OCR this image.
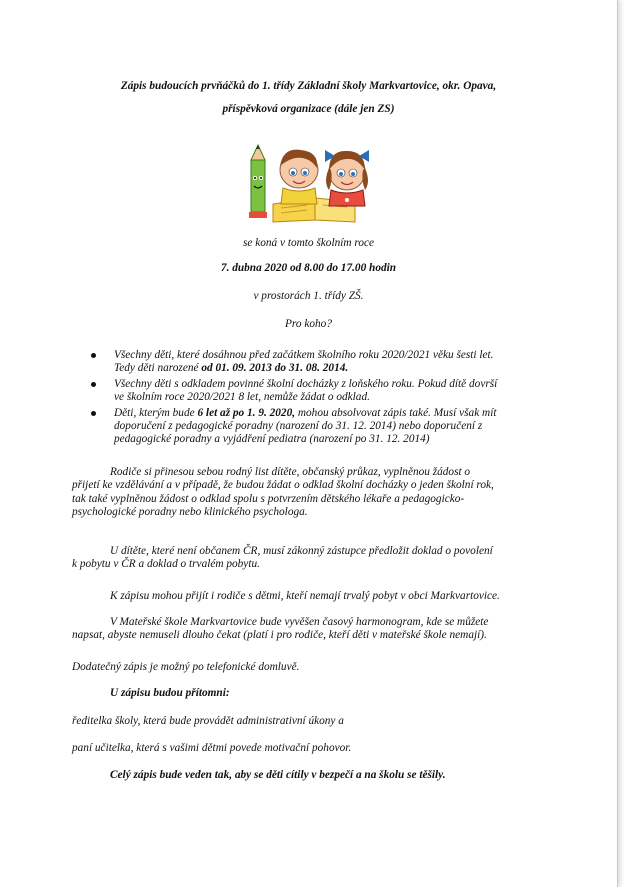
Zápis budoucích prvňáčků do 1. třídy Základní školy Markvartovice, okr. Opava,
příspěvková organizace (dále jen ZS)
se koná v tomto školním roce
7. dubna 2020 od 8.00 do 17.00 hodin
v prostorách 1. třídy ZŠ.
Pro koho?
Všechny děti, které dosáhnou před začátkem školního roku 2020/2021 věku šesti let.
Tedy děti narozené od 01. 09. 2013 do 31. 08. 2014.
Všechny děti s odkladem povinné školní docházky z loňského roku. Pokud dítě dovrší
ve školním roce 2020/2021 8 let, nemůže žádat o odklad.
Děti, kterým bude 6 let až po 1. 9. 2020, mohou absolvovat zápis také. Musí však mít
doporučení z pedagogické poradny (narození do 31. 12. 2014) nebo doporučení z
pedagogické poradny a vyjádření pediatra (narození po 31. 12. 2014)
Rodiče si přinesou sebou rodný list dítěte, občanský průkaz, vyplněnou žádost o
přijetí ke vzdělávání a v případě, že budou žádat o odklad školní docházky o jeden školní rok,
tak také vyplněnou žádost o odklad spolu s potvrzením dětského lékaře a pedagogicko-
psychologické poradny nebo klinického psychologa.
U dítěte, které není občanem ČR, musí zákonný zástupce předložit doklad o povolení
k pobytu v ČR a doklad o trvalém pobytu.
K zápisu mohou přijít i rodiče s dětmi, kteří nemají trvalý pobyt v obci Markvartovice.
V Mateřské škole Markvartovice bude vyvěšen časový harmonogram, kde se můžete
napsat, abyste nemuseli dlouho čekat (platí i pro rodiče, kteří děti v mateřské škole nemají).
Dodatečný zápis je možný po telefonické domluvě.
U zápisu budou přítomni:
ředitelka školy, která bude provádět administrativní úkony a
paní učitelka, která s vašimi dětmi povede motivační pohovor.
Celý zápis bude veden tak, aby se děti cítily v bezpečí a na školu se těšily.
